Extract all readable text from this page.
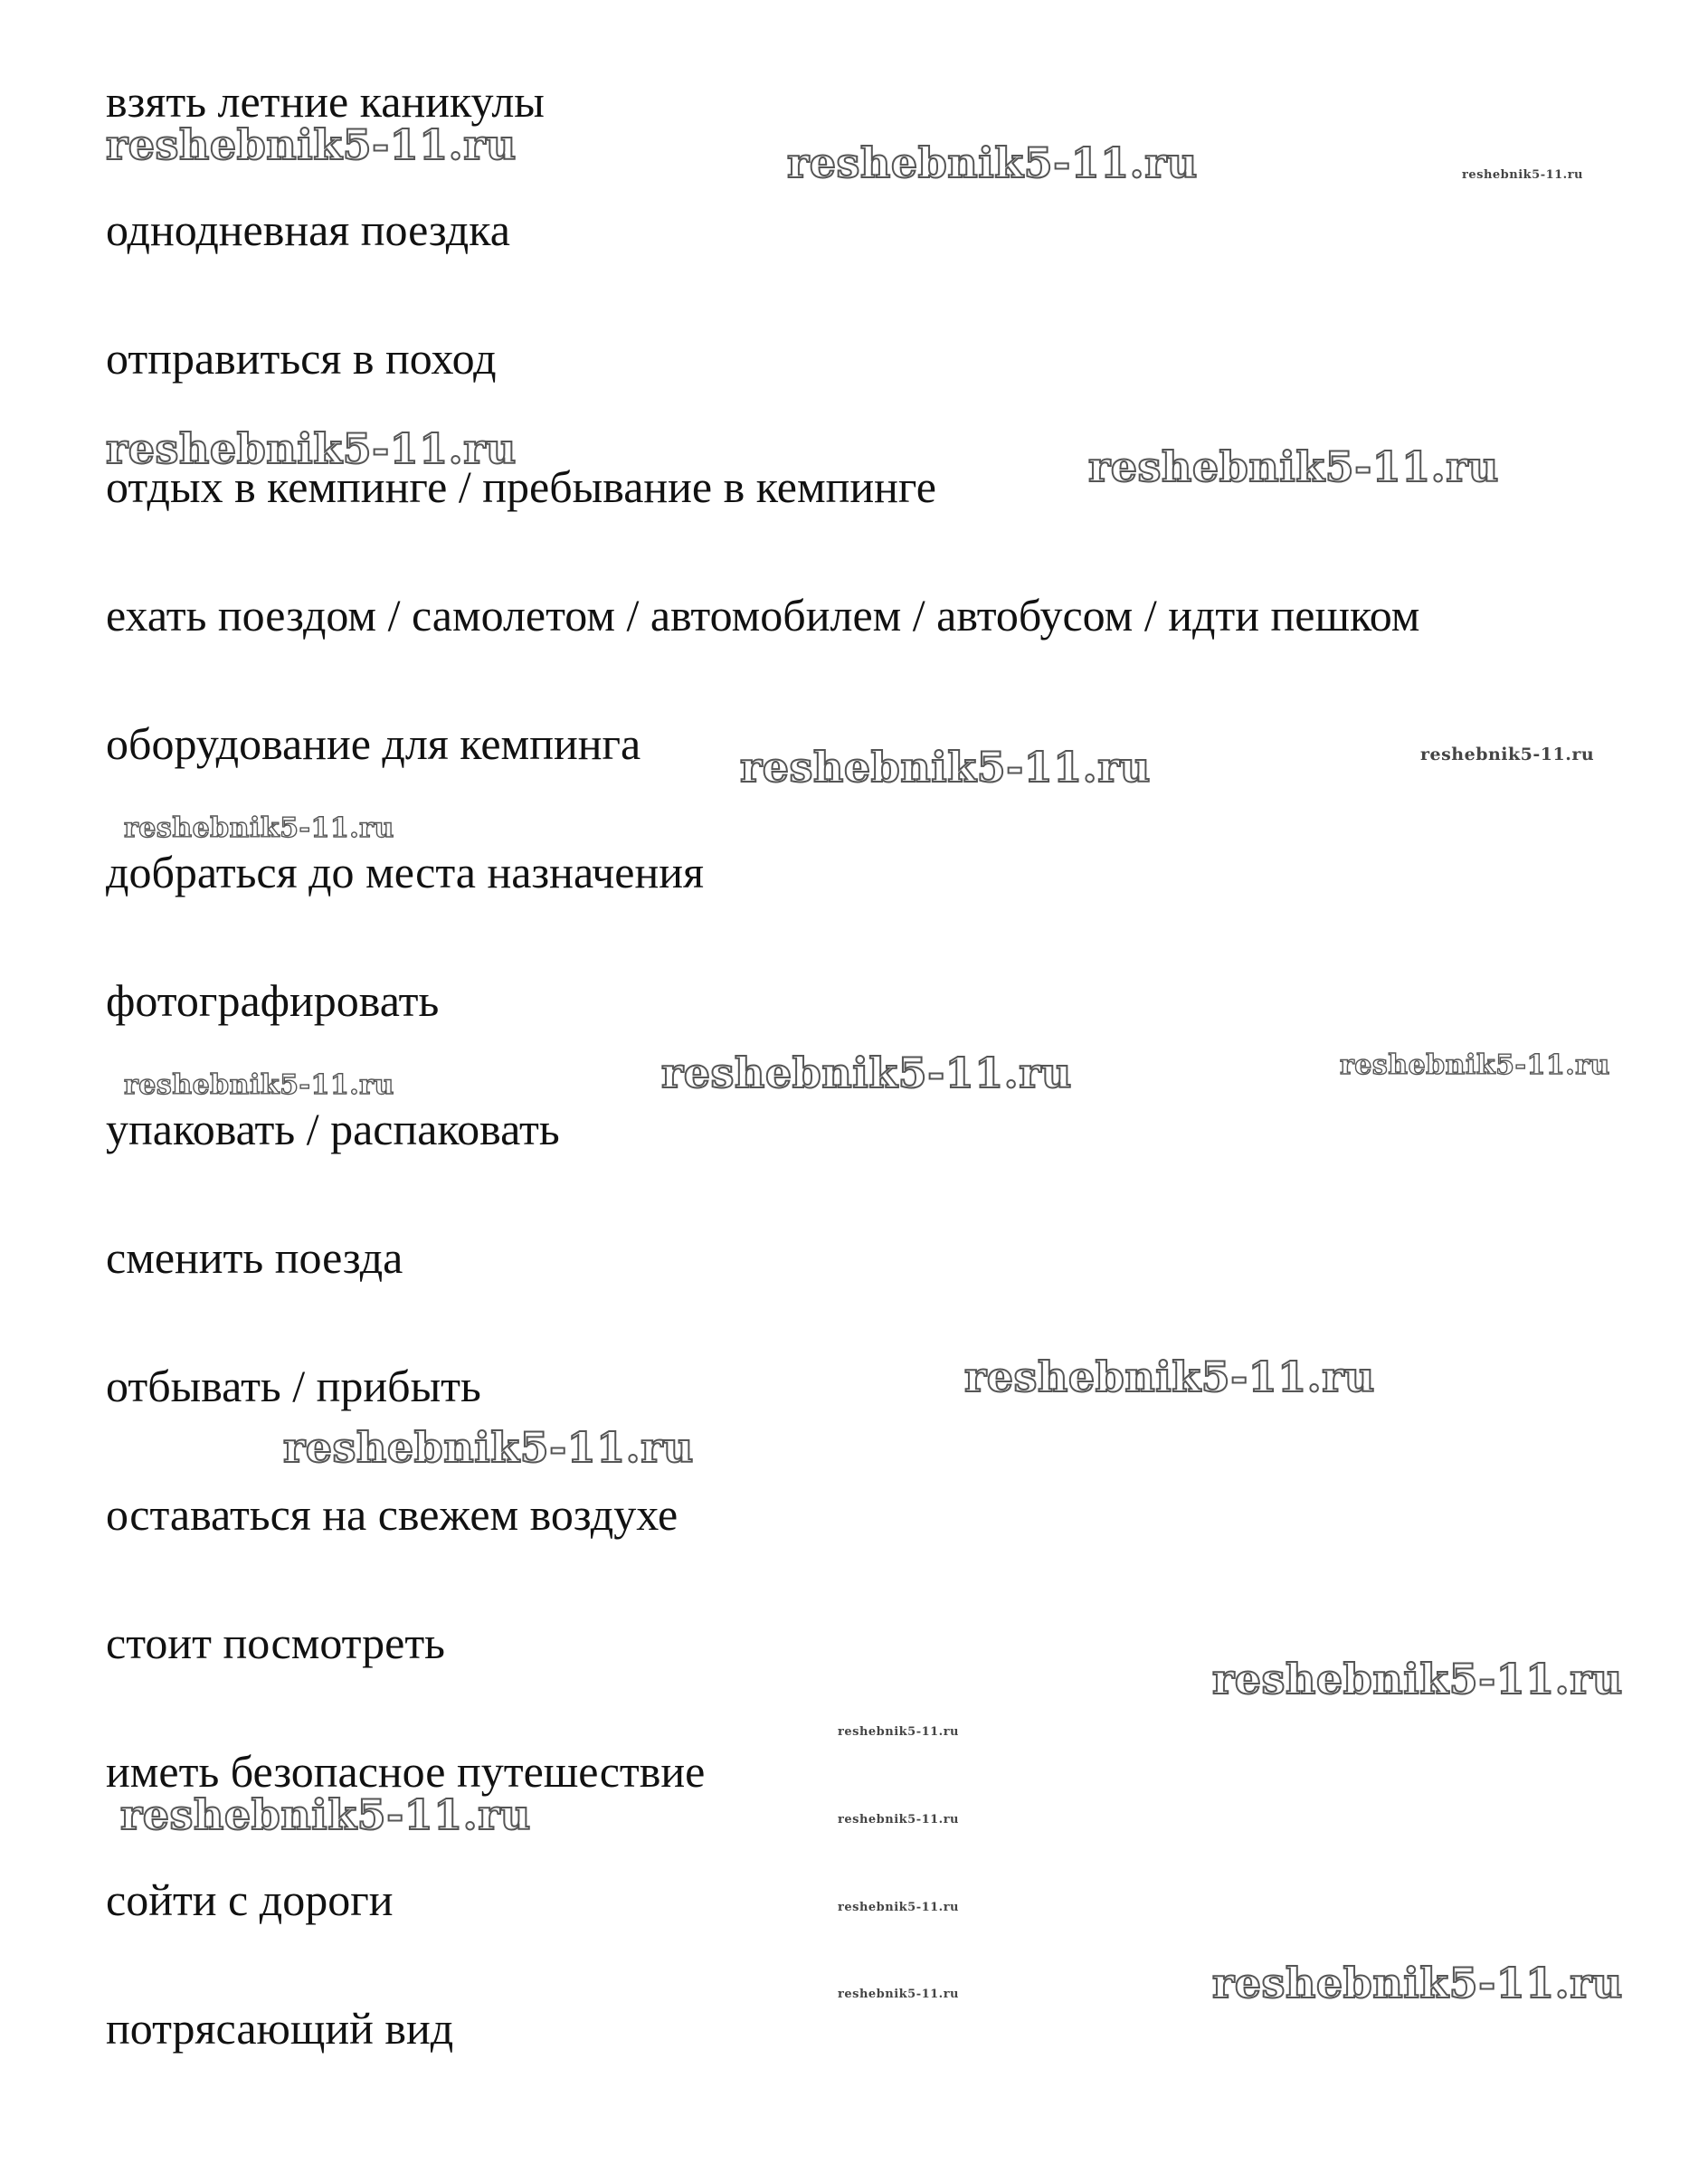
взять летние каникулы

однодневная поездка

отправиться в поход

отдых в кемпинге / пребывание в кемпинге

ехать поездом / самолетом / автомобилем / автобусом / идти пешком

оборудование для кемпинга

добраться до места назначения

фотографировать

упаковать / распаковать

сменить поезда

отбывать / прибыть

оставаться на свежем воздухе

стоит посмотреть

иметь безопасное путешествие

сойти с дороги

потрясающий вид

reshebnik5-11.ru	reshebnik5-11.ru	reshebnik5-11.ru
reshebnik5-11.ru	reshebnik5-11.ru
reshebnik5-11.ru	reshebnik5-11.ru
reshebnik5-11.ru
reshebnik5-11.ru	reshebnik5-11.ru
reshebnik5-11.ru
reshebnik5-11.ru
reshebnik5-11.ru
reshebnik5-11.ru
reshebnik5-11.ru
reshebnik5-11.ru	reshebnik5-11.ru
reshebnik5-11.ru
reshebnik5-11.ru
reshebnik5-11.ru
